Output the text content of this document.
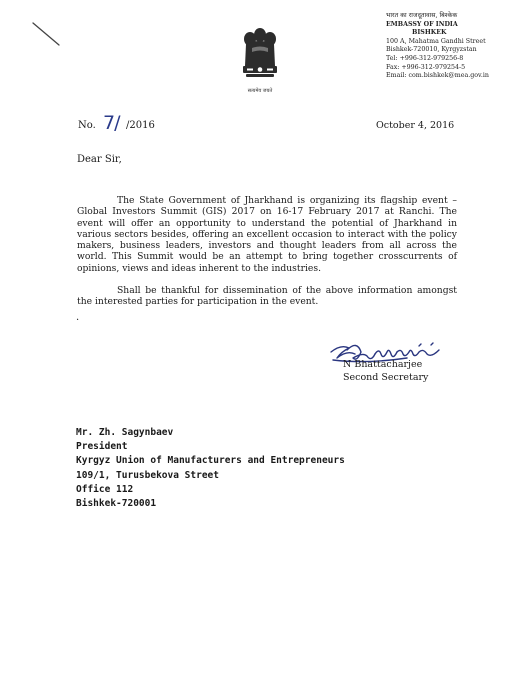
सत्यमेव जयते
भारत का राजदूतावास, बिश्केक
EMBASSY OF INDIA
BISHKEK
100 A, Mahatma Gandhi Street
Bishkek-720010, Kyrgyzstan
Tel: +996-312-979256-8
Fax: +996-312-979254-5
Email: com.bishkek@mea.gov.in
No. 7/ /2016	October 4, 2016
Dear Sir,
The State Government of Jharkhand is organizing its flagship event – Global Investors Summit (GIS) 2017 on 16-17 February 2017 at Ranchi. The event will offer an opportunity to understand the potential of Jharkhand in various sectors besides, offering an excellent occasion to interact with the policy makers, business leaders, investors and thought leaders from all across the world. This Summit would be an attempt to bring together crosscurrents of opinions, views and ideas inherent to the industries.
Shall be thankful for dissemination of the above information amongst the interested parties for participation in the event.
.
N Bhattacharjee
Second Secretary
Mr. Zh. Sagynbaev
President
Kyrgyz Union of Manufacturers and Entrepreneurs
109/1, Turusbekova Street
Office 112
Bishkek-720001
